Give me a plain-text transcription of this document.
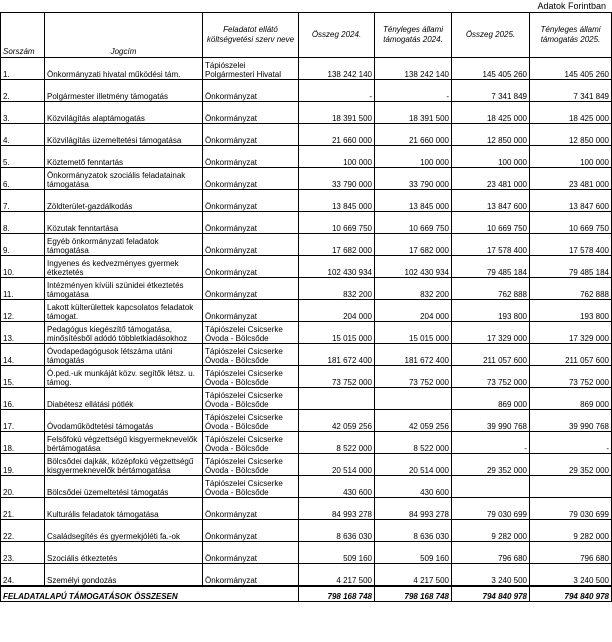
Adatok Forintban
Sorszám	Jogcím	Feladatot ellátó költségvetési szerv neve	Összeg 2024.	Tényleges állami támogatás 2024.	Összeg 2025.	Tényleges állami támogatás 2025.
1.	Önkormányzati hivatal működési tám.	Tápiószelei Polgármesteri Hivatal	138 242 140	138 242 140	145 405 260	145 405 260
2.	Polgármester illetmény támogatás	Önkormányzat	-	-	7 341 849	7 341 849
3.	Közvilágítás alaptámogatás	Önkormányzat	18 391 500	18 391 500	18 425 000	18 425 000
4.	Közvilágítás üzemeltetési támogatása	Önkormányzat	21 660 000	21 660 000	12 850 000	12 850 000
5.	Köztemető fenntartás	Önkormányzat	100 000	100 000	100 000	100 000
6.	Önkormányzatok szociális feladatainak támogatása	Önkormányzat	33 790 000	33 790 000	23 481 000	23 481 000
7.	Zöldterület-gazdálkodás	Önkormányzat	13 845 000	13 845 000	13 847 600	13 847 600
8.	Közutak fenntartása	Önkormányzat	10 669 750	10 669 750	10 669 750	10 669 750
9.	Egyéb önkormányzati feladatok támogatása	Önkormányzat	17 682 000	17 682 000	17 578 400	17 578 400
10.	Ingyenes és kedvezményes gyermek étkeztetés	Önkormányzat	102 430 934	102 430 934	79 485 184	79 485 184
11.	Intézményen kívüli szünidei étkeztetés támogatása	Önkormányzat	832 200	832 200	762 888	762 888
12.	Lakott külterülettek kapcsolatos feladatok támogat.	Önkormányzat	204 000	204 000	193 800	193 800
13.	Pedagógus kiegészítő támogatása, minősítésből adódó többletkiadásokhoz	Tápiószelei Csicserke Óvoda - Bölcsőde	15 015 000	15 015 000	17 329 000	17 329 000
14.	Óvodapedagógusok létszáma utáni támogatás	Tápiószelei Csicserke Óvoda - Bölcsőde	181 672 400	181 672 400	211 057 600	211 057 600
15.	Ó.ped.-uk munkáját közv. segítők létsz. u. támog.	Tápiószelei Csicserke Óvoda - Bölcsőde	73 752 000	73 752 000	73 752 000	73 752 000
16.	Diabétesz ellátási pótlék	Tápiószelei Csicserke Óvoda - Bölcsőde			869 000	869 000
17.	Óvodaműködtetési támogatás	Tápiószelei Csicserke Óvoda - Bölcsőde	42 059 256	42 059 256	39 990 768	39 990 768
18.	Felsőfokú végzettségű kisgyermeknevelők bértámogatása	Tápiószelei Csicserke Óvoda - Bölcsőde	8 522 000	8 522 000	-	-
19.	Bölcsődei dajkák, középfokú végzettségű kisgyermeknevelők bértámogatása	Tápiószelei Csicserke Óvoda - Bölcsőde	20 514 000	20 514 000	29 352 000	29 352 000
20.	Bölcsődei üzemeltetési támogatás	Tápiószelei Csicserke Óvoda - Bölcsőde	430 600	430 600		
21.	Kulturális feladatok támogatása	Önkormányzat	84 993 278	84 993 278	79 030 699	79 030 699
22.	Családsegítés és gyermekjóléti fa.-ok	Önkormányzat	8 636 030	8 636 030	9 282 000	9 282 000
23.	Szociális étkeztetés	Önkormányzat	509 160	509 160	796 680	796 680
24.	Személyi gondozás	Önkormányzat	4 217 500	4 217 500	3 240 500	3 240 500
FELADATALAPÚ TÁMOGATÁSOK ÖSSZESEN			798 168 748	798 168 748	794 840 978	794 840 978
